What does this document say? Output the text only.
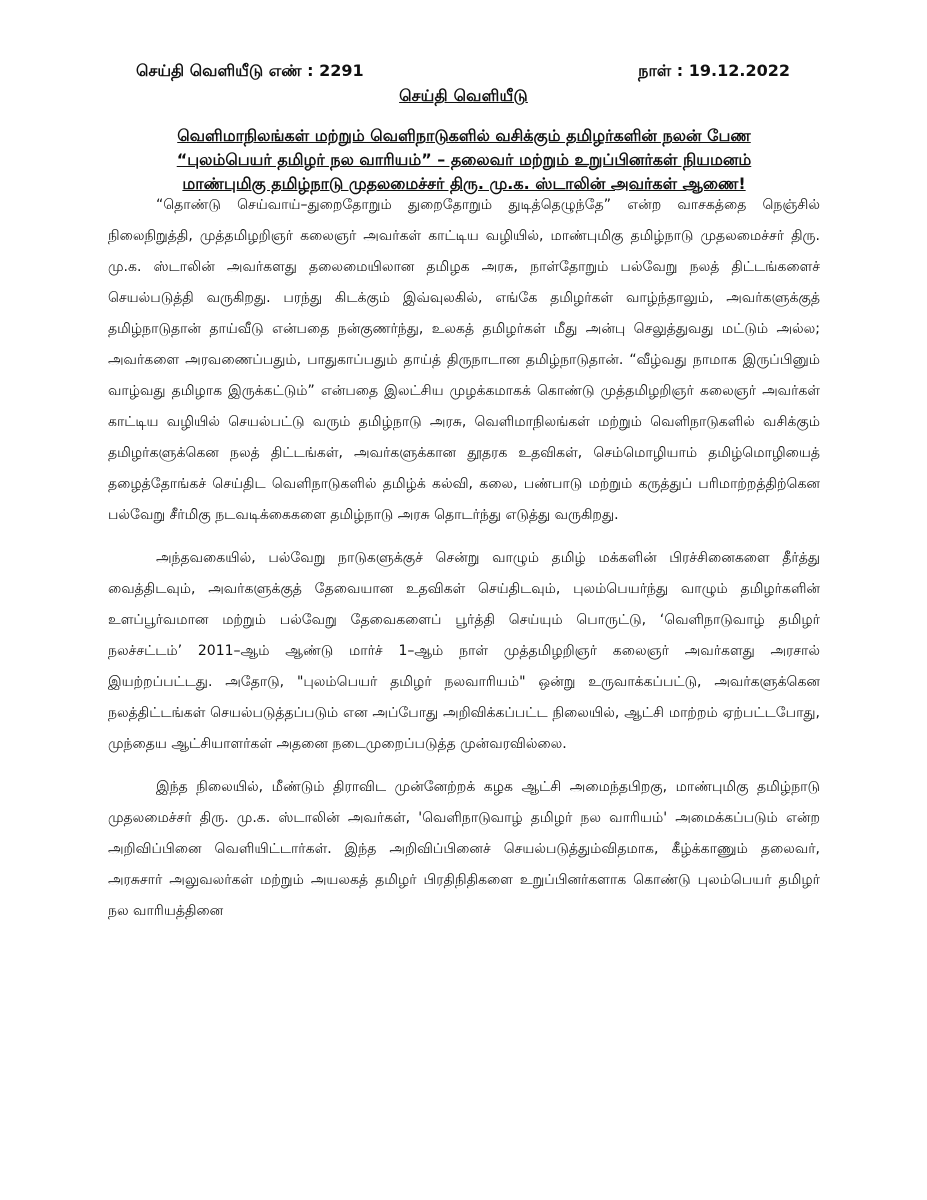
செய்தி வெளியீடு எண் : 2291	நாள் : 19.12.2022
செய்தி வெளியீடு
வெளிமாநிலங்கள் மற்றும் வெளிநாடுகளில் வசிக்கும் தமிழர்களின் நலன் பேண
“புலம்பெயர் தமிழர் நல வாரியம்” – தலைவர் மற்றும் உறுப்பினர்கள் நியமனம்
மாண்புமிகு தமிழ்நாடு முதலமைச்சர் திரு. மு.க. ஸ்டாலின் அவர்கள் ஆணை!

“தொண்டு செய்வாய்–துறைதோறும் துறைதோறும் துடித்தெழுந்தே” என்ற வாசகத்தை நெஞ்சில் நிலைநிறுத்தி, முத்தமிழறிஞர் கலைஞர் அவர்கள் காட்டிய வழியில், மாண்புமிகு தமிழ்நாடு முதலமைச்சர் திரு. மு.க. ஸ்டாலின் அவர்களது தலைமையிலான தமிழக அரசு, நாள்தோறும் பல்வேறு நலத் திட்டங்களைச் செயல்படுத்தி வருகிறது. பரந்து கிடக்கும் இவ்வுலகில், எங்கே தமிழர்கள் வாழ்ந்தாலும், அவர்களுக்குத் தமிழ்நாடுதான் தாய்வீடு என்பதை நன்குணர்ந்து, உலகத் தமிழர்கள் மீது அன்பு செலுத்துவது மட்டும் அல்ல; அவர்களை அரவணைப்பதும், பாதுகாப்பதும் தாய்த் திருநாடான தமிழ்நாடுதான். “வீழ்வது நாமாக இருப்பினும் வாழ்வது தமிழாக இருக்கட்டும்” என்பதை இலட்சிய முழக்கமாகக் கொண்டு முத்தமிழறிஞர் கலைஞர் அவர்கள் காட்டிய வழியில் செயல்பட்டு வரும் தமிழ்நாடு அரசு, வெளிமாநிலங்கள் மற்றும் வெளிநாடுகளில் வசிக்கும் தமிழர்களுக்கென நலத் திட்டங்கள், அவர்களுக்கான தூதரக உதவிகள், செம்மொழியாம் தமிழ்மொழியைத் தழைத்தோங்கச் செய்திட வெளிநாடுகளில் தமிழ்க் கல்வி, கலை, பண்பாடு மற்றும் கருத்துப் பரிமாற்றத்திற்கென பல்வேறு சீர்மிகு நடவடிக்கைகளை தமிழ்நாடு அரசு தொடர்ந்து எடுத்து வருகிறது.

அந்தவகையில், பல்வேறு நாடுகளுக்குச் சென்று வாழும் தமிழ் மக்களின் பிரச்சினைகளை தீர்த்து வைத்திடவும், அவர்களுக்குத் தேவையான உதவிகள் செய்திடவும், புலம்பெயர்ந்து வாழும் தமிழர்களின் உளப்பூர்வமான மற்றும் பல்வேறு தேவைகளைப் பூர்த்தி செய்யும் பொருட்டு, ‘வெளிநாடுவாழ் தமிழர் நலச்சட்டம்’ 2011–ஆம் ஆண்டு மார்ச் 1–ஆம் நாள் முத்தமிழறிஞர் கலைஞர் அவர்களது அரசால் இயற்றப்பட்டது. அதோடு, "புலம்பெயர் தமிழர் நலவாரியம்" ஒன்று உருவாக்கப்பட்டு, அவர்களுக்கென நலத்திட்டங்கள் செயல்படுத்தப்படும் என அப்போது அறிவிக்கப்பட்ட நிலையில், ஆட்சி மாற்றம் ஏற்பட்டபோது, முந்தைய ஆட்சியாளர்கள் அதனை நடைமுறைப்படுத்த முன்வரவில்லை.

இந்த நிலையில், மீண்டும் திராவிட முன்னேற்றக் கழக ஆட்சி அமைந்தபிறகு, மாண்புமிகு தமிழ்நாடு முதலமைச்சர் திரு. மு.க. ஸ்டாலின் அவர்கள், 'வெளிநாடுவாழ் தமிழர் நல வாரியம்' அமைக்கப்படும் என்ற அறிவிப்பினை வெளியிட்டார்கள். இந்த அறிவிப்பினைச் செயல்படுத்தும்விதமாக, கீழ்க்காணும் தலைவர், அரசுசார் அலுவலர்கள் மற்றும் அயலகத் தமிழர் பிரதிநிதிகளை உறுப்பினர்களாக கொண்டு புலம்பெயர் தமிழர் நல வாரியத்தினை
